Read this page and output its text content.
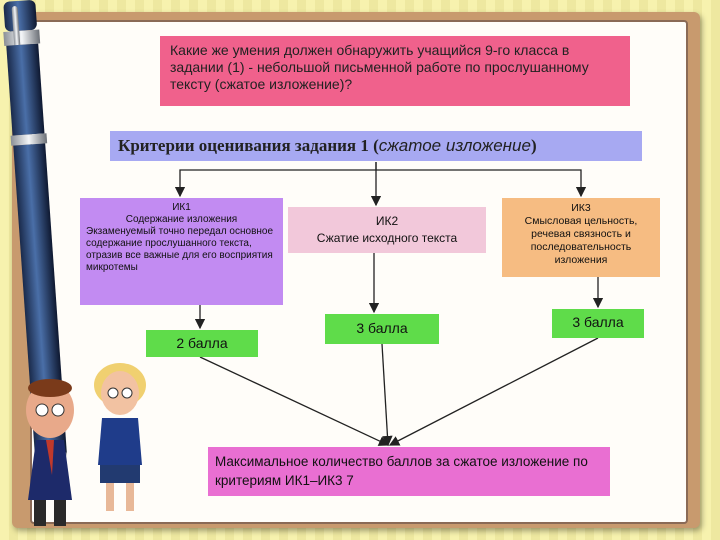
Какие же умения должен обнаружить учащийся 9-го класса в задании (1) - небольшой письменной работе по прослушанному тексту (сжатое изложение)?
Критерии оценивания задания 1 (сжатое изложение)
ИК1
Содержание изложения
Экзаменуемый точно передал основное содержание прослушанного текста, отразив все важные для его восприятия микротемы
ИК2
Сжатие исходного текста
ИК3
Смысловая цельность, речевая связность и последовательность изложения
2 балла
3 балла	3 балла
Максимальное количество баллов за сжатое изложение по критериям ИК1–ИК3 7
